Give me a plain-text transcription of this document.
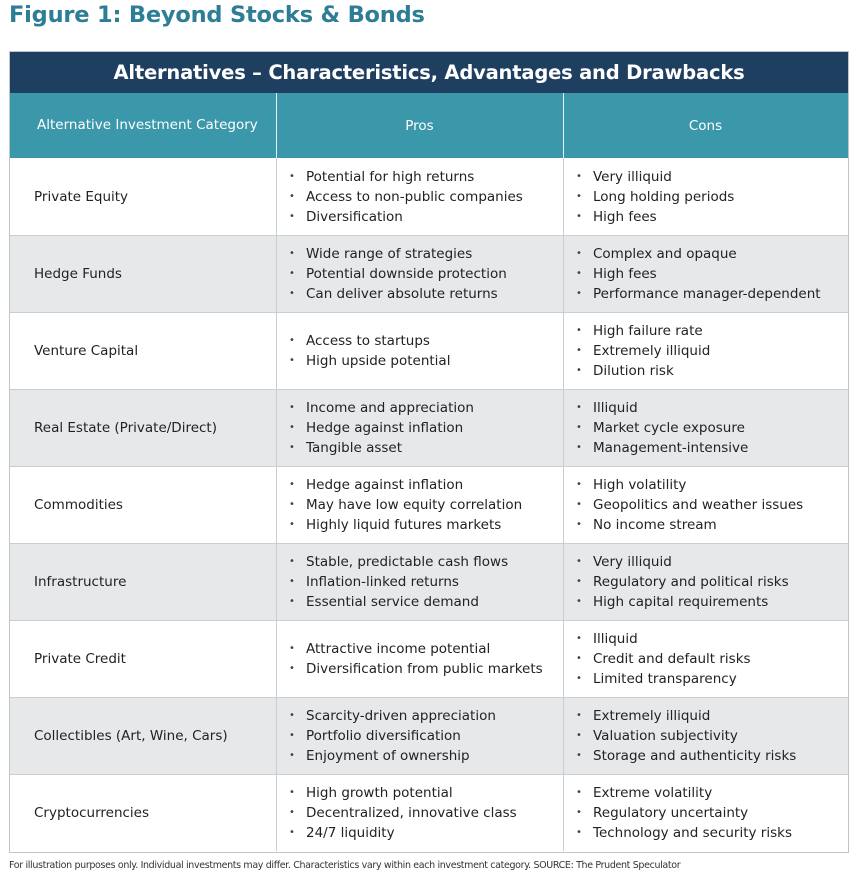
Figure 1: Beyond Stocks & Bonds
Alternatives – Characteristics, Advantages and Drawbacks
Alternative Investment Category	Pros	Cons
Private Equity
• Potential for high returns
• Access to non-public companies
• Diversification
• Very illiquid
• Long holding periods
• High fees
Hedge Funds
• Wide range of strategies
• Potential downside protection
• Can deliver absolute returns
• Complex and opaque
• High fees
• Performance manager-dependent
Venture Capital
• Access to startups
• High upside potential
• High failure rate
• Extremely illiquid
• Dilution risk
Real Estate (Private/Direct)
• Income and appreciation
• Hedge against inflation
• Tangible asset
• Illiquid
• Market cycle exposure
• Management-intensive
Commodities
• Hedge against inflation
• May have low equity correlation
• Highly liquid futures markets
• High volatility
• Geopolitics and weather issues
• No income stream
Infrastructure
• Stable, predictable cash flows
• Inflation-linked returns
• Essential service demand
• Very illiquid
• Regulatory and political risks
• High capital requirements
Private Credit
• Attractive income potential
• Diversification from public markets
• Illiquid
• Credit and default risks
• Limited transparency
Collectibles (Art, Wine, Cars)
• Scarcity-driven appreciation
• Portfolio diversification
• Enjoyment of ownership
• Extremely illiquid
• Valuation subjectivity
• Storage and authenticity risks
Cryptocurrencies
• High growth potential
• Decentralized, innovative class
• 24/7 liquidity
• Extreme volatility
• Regulatory uncertainty
• Technology and security risks
For illustration purposes only. Individual investments may differ. Characteristics vary within each investment category. SOURCE: The Prudent Speculator
